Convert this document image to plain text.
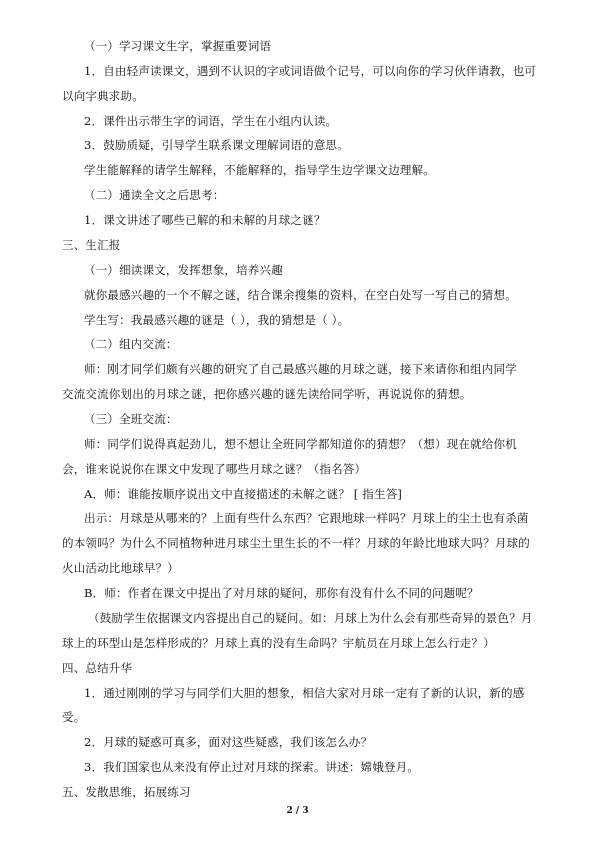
（一）学习课文生字，掌握重要词语
1．自由轻声读课文，遇到不认识的字或词语做个记号，可以向你的学习伙伴请教，也可
以向字典求助。
2．课件出示带生字的词语，学生在小组内认读。
3．鼓励质疑，引导学生联系课文理解词语的意思。
学生能解释的请学生解释，不能解释的，指导学生边学课文边理解。
（二）通读全文之后思考：
1．课文讲述了哪些已解的和未解的月球之谜？
三、生汇报
（一）细读课文，发挥想象，培养兴趣
就你最感兴趣的一个不解之谜，结合课余搜集的资料，在空白处写一写自己的猜想。
学生写：我最感兴趣的谜是（ ），我的猜想是（ ）。
（二）组内交流：
师：刚才同学们颇有兴趣的研究了自己最感兴趣的月球之谜，接下来请你和组内同学
交流交流你划出的月球之谜，把你感兴趣的谜先读给同学听，再说说你的猜想。
（三）全班交流：
师：同学们说得真起劲儿，想不想让全班同学都知道你的猜想？（想）现在就给你机
会，谁来说说你在课文中发现了哪些月球之谜？（指名答）
A．师：谁能按顺序说出文中直接描述的未解之谜？ [ 指生答]
出示：月球是从哪来的？上面有些什么东西？它跟地球一样吗？月球上的尘土也有杀菌
的本领吗？为什么不同植物种进月球尘土里生长的不一样？月球的年龄比地球大吗？月球的
火山活动比地球早？）
B．师：作者在课文中提出了对月球的疑问，那你有没有什么不同的问题呢？
（鼓励学生依据课文内容提出自己的疑问。如：月球上为什么会有那些奇异的景色？月
球上的环型山是怎样形成的？月球上真的没有生命吗？宇航员在月球上怎么行走？）
四、总结升华
1．通过刚刚的学习与同学们大胆的想象，相信大家对月球一定有了新的认识，新的感
受。
2．月球的疑惑可真多，面对这些疑惑，我们该怎么办？
3．我们国家也从来没有停止过对月球的探索。讲述：嫦娥登月。
五、发散思维，拓展练习
2 / 3
